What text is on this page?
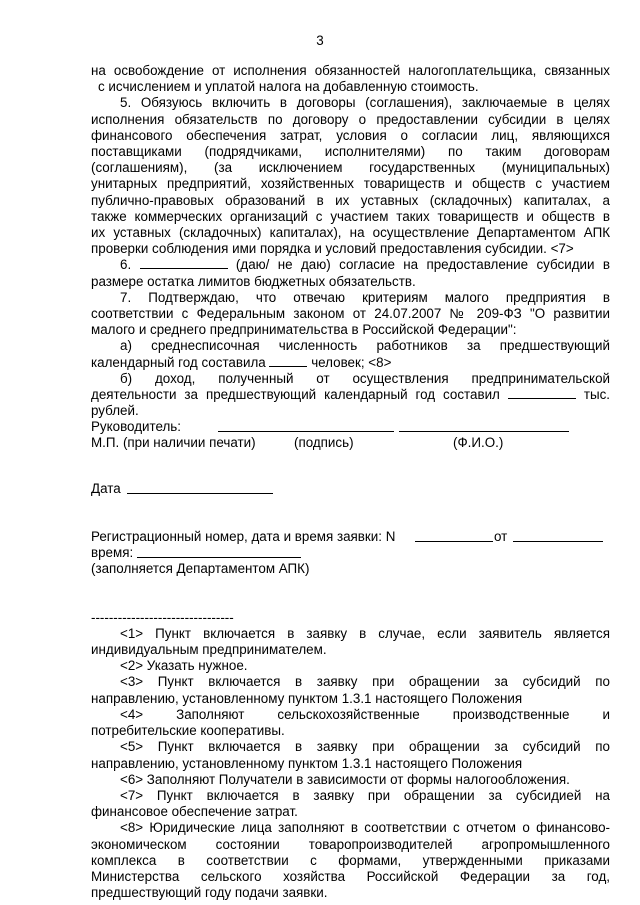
3

на освобождение от исполнения обязанностей налогоплательщика, связанных

с исчислением и уплатой налога на добавленную стоимость.

5. Обязуюсь включить в договоры (соглашения), заключаемые в целях

исполнения обязательств по договору о предоставлении субсидии в целях

финансового обеспечения затрат, условия о согласии лиц, являющихся

поставщиками (подрядчиками, исполнителями) по таким договорам

(соглашениям), (за исключением государственных (муниципальных)

унитарных предприятий, хозяйственных товариществ и обществ с участием

публично-правовых образований в их уставных (складочных) капиталах, а

также коммерческих организаций с участием таких товариществ и обществ в

их уставных (складочных) капиталах), на осуществление Департаментом АПК

проверки соблюдения ими порядка и условий предоставления субсидии. <7>

6.	(даю/ не даю) согласие на предоставление субсидии в

размере остатка лимитов бюджетных обязательств.

7. Подтверждаю, что отвечаю критериям малого предприятия в

соответствии с Федеральным законом от 24.07.2007 № 209-ФЗ "О развитии

малого и среднего предпринимательства в Российской Федерации":

а) среднесписочная численность работников за предшествующий

календарный год составила	человек; <8>

б) доход, полученный от осуществления предпринимательской

деятельности за предшествующий календарный год составил	тыс.

рублей.

Руководитель:
М.П. (при наличии печати)	(подпись)	(Ф.И.О.)
Дата
Регистрационный номер, дата и время заявки: N	от
время:

(заполняется Департаментом АПК)

--------------------------------

<1> Пункт включается в заявку в случае, если заявитель является

индивидуальным предпринимателем.

<2> Указать нужное.

<3> Пункт включается в заявку при обращении за субсидий по

направлению, установленному пунктом 1.3.1 настоящего Положения

<4> Заполняют сельскохозяйственные производственные и

потребительские кооперативы.

<5> Пункт включается в заявку при обращении за субсидий по

направлению, установленному пунктом 1.3.1 настоящего Положения

<6> Заполняют Получатели в зависимости от формы налогообложения.

<7> Пункт включается в заявку при обращении за субсидией на

финансовое обеспечение затрат.

<8> Юридические лица заполняют в соответствии с отчетом о финансово-

экономическом состоянии товаропроизводителей агропромышленного

комплекса в соответствии с формами, утвержденными приказами

Министерства сельского хозяйства Российской Федерации за год,

предшествующий году подачи заявки.
